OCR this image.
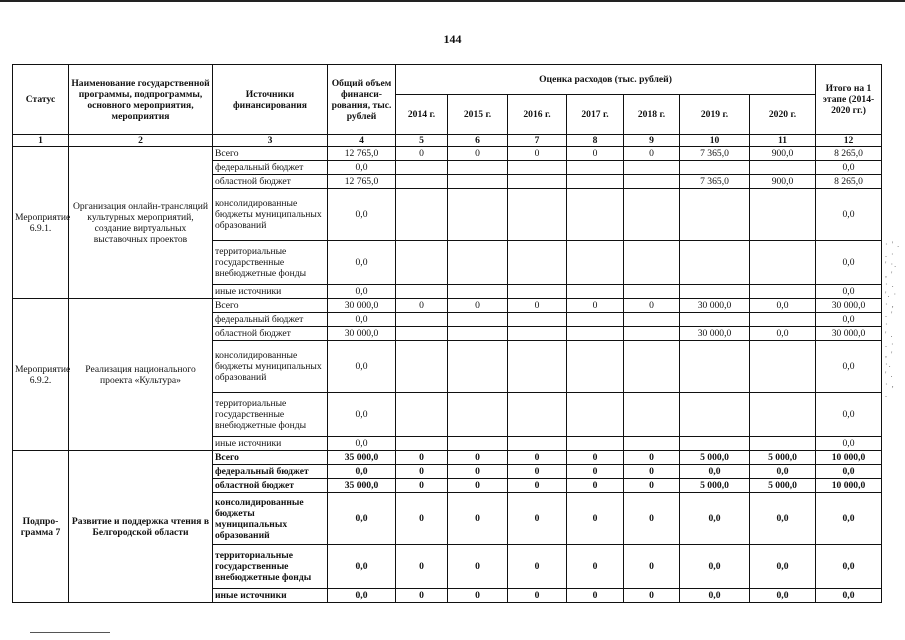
144
Статус	Наименование государственной программы, подпрограммы, основного мероприятия, мероприятия	Источники финансирования	Общий объем финанси-рования, тыс. рублей	Оценка расходов (тыс. рублей)							Итого на 1 этапе (2014-2020 гг.)
				2014 г.	2015 г.	2016 г.	2017 г.	2018 г.	2019 г.	2020 г.	
1	2	3	4	5	6	7	8	9	10	11	12
Мероприятие 6.9.1.	Организация онлайн-трансляций культурных мероприятий, создание виртуальных выставочных проектов	Всего	12 765,0	0	0	0	0	0	7 365,0	900,0	8 265,0
		федеральный бюджет	0,0								0,0
		областной бюджет	12 765,0						7 365,0	900,0	8 265,0
		консолидированные бюджеты муниципальных образований	0,0								0,0
		территориальные государственные внебюджетные фонды	0,0								0,0
		иные источники	0,0								0,0
Мероприятие 6.9.2.	Реализация национального проекта «Культура»	Всего	30 000,0	0	0	0	0	0	30 000,0	0,0	30 000,0
		федеральный бюджет	0,0								0,0
		областной бюджет	30 000,0						30 000,0	0,0	30 000,0
		консолидированные бюджеты муниципальных образований	0,0								0,0
		территориальные государственные внебюджетные фонды	0,0								0,0
		иные источники	0,0								0,0
Подпро-грамма 7	Развитие и поддержка чтения в Белгородской области	Всего	35 000,0	0	0	0	0	0	5 000,0	5 000,0	10 000,0
		федеральный бюджет	0,0	0	0	0	0	0	0,0	0,0	0,0
		областной бюджет	35 000,0	0	0	0	0	0	5 000,0	5 000,0	10 000,0
		консолидированные бюджеты муниципальных образований	0,0	0	0	0	0	0	0,0	0,0	0,0
		территориальные государственные внебюджетные фонды	0,0	0	0	0	0	0	0,0	0,0	0,0
		иные источники	0,0	0	0	0	0	0	0,0	0,0	0,0
· ' .
. ·
' ·.
, '
· .
'. ·
· ,
. '
·
' .
. ·
, '
·.
' .
· ,
.
